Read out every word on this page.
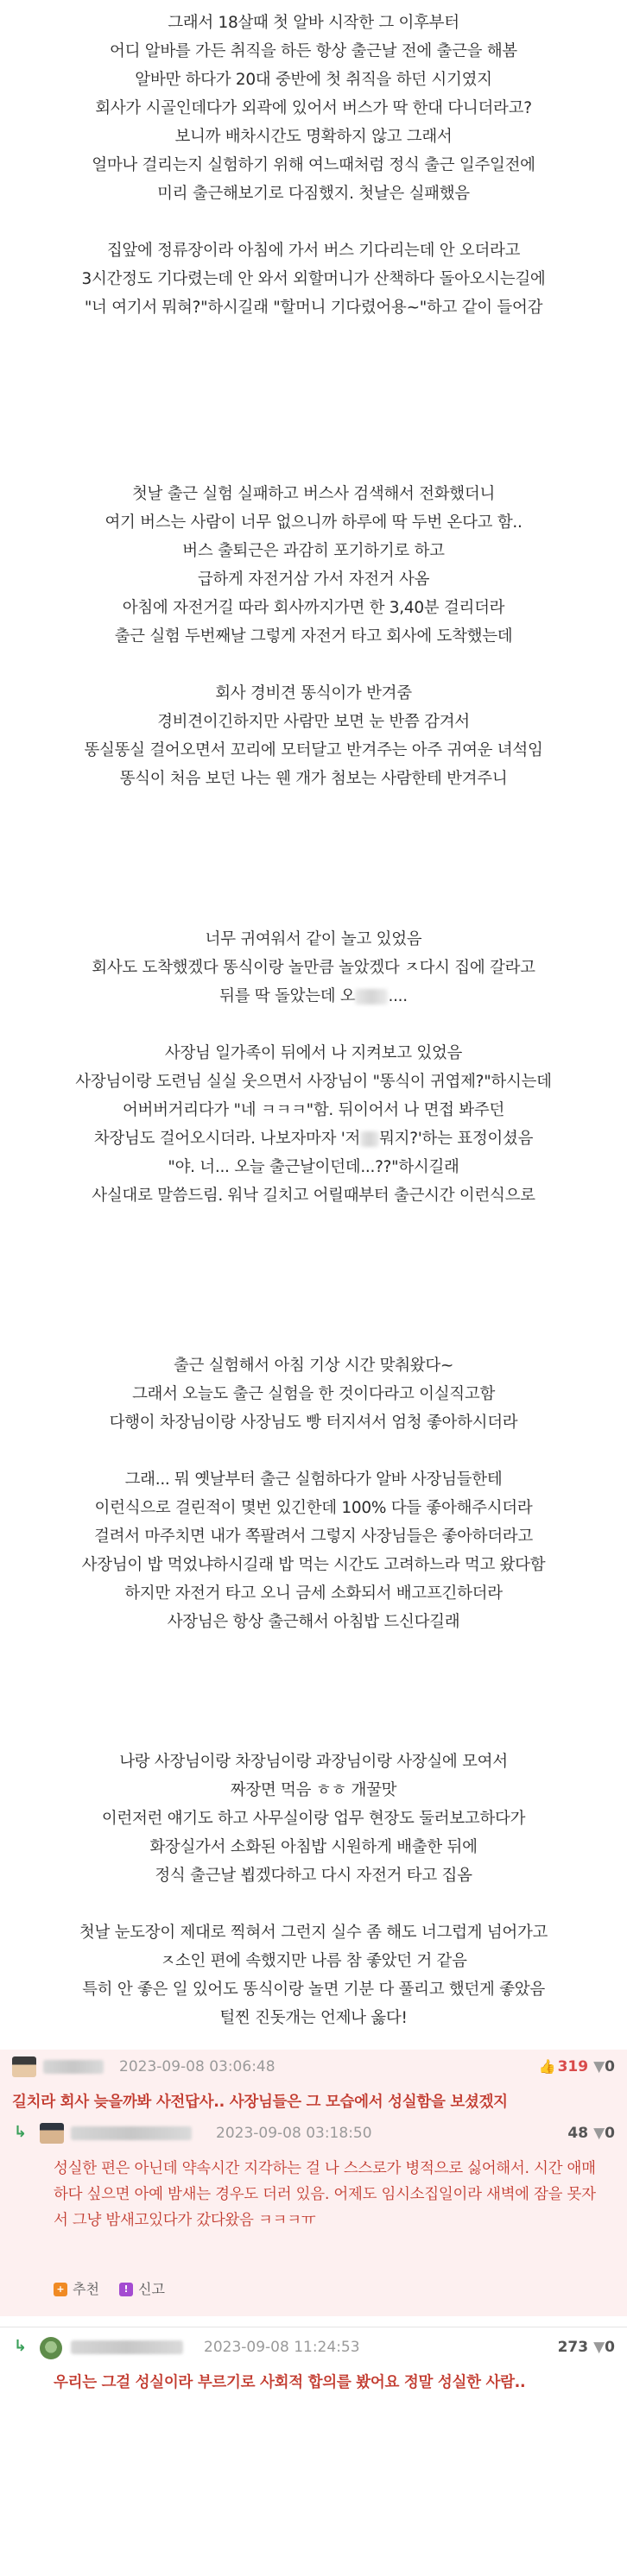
그래서 18살때 첫 알바 시작한 그 이후부터
어디 알바를 가든 취직을 하든 항상 출근날 전에 출근을 해봄
알바만 하다가 20대 중반에 첫 취직을 하던 시기였지
회사가 시골인데다가 외곽에 있어서 버스가 딱 한대 다니더라고?
보니까 배차시간도 명확하지 않고 그래서
얼마나 걸리는지 실험하기 위해 여느때처럼 정식 출근 일주일전에
미리 출근해보기로 다짐했지. 첫날은 실패했음
집앞에 정류장이라 아침에 가서 버스 기다리는데 안 오더라고
3시간정도 기다렸는데 안 와서 외할머니가 산책하다 돌아오시는길에
"너 여기서 뭐혀?"하시길래 "할머니 기다렸어용~"하고 같이 들어감
첫날 출근 실험 실패하고 버스사 검색해서 전화했더니
여기 버스는 사람이 너무 없으니까 하루에 딱 두번 온다고 함..
버스 출퇴근은 과감히 포기하기로 하고
급하게 자전거삼 가서 자전거 사옴
아침에 자전거길 따라 회사까지가면 한 3,40분 걸리더라
출근 실험 두번째날 그렇게 자전거 타고 회사에 도착했는데
회사 경비견 똥식이가 반겨줌
경비견이긴하지만 사람만 보면 눈 반쯤 감겨서
똥실똥실 걸어오면서 꼬리에 모터달고 반겨주는 아주 귀여운 녀석임
똥식이 처음 보던 나는 웬 개가 첨보는 사람한테 반겨주니
너무 귀여워서 같이 놀고 있었음
회사도 도착했겠다 똥식이랑 놀만큼 놀았겠다 ㅈ다시 집에 갈라고
뒤를 딱 돌았는데 오 ....
사장님 일가족이 뒤에서 나 지켜보고 있었음
사장님이랑 도련님 실실 웃으면서 사장님이 "똥식이 귀엽제?"하시는데
어버버거리다가 "네 ㅋㅋㅋ"함. 뒤이어서 나 면접 봐주던
차장님도 걸어오시더라. 나보자마자 '저 뭐지?'하는 표정이셨음
"야. 너... 오늘 출근날이던데...??"하시길래
사실대로 말씀드림. 워낙 길치고 어릴때부터 출근시간 이런식으로
출근 실험해서 아침 기상 시간 맞춰왔다~
그래서 오늘도 출근 실험을 한 것이다라고 이실직고함
다행이 차장님이랑 사장님도 빵 터지셔서 엄청 좋아하시더라
그래... 뭐 옛날부터 출근 실험하다가 알바 사장님들한테
이런식으로 걸린적이 몇번 있긴한데 100% 다들 좋아해주시더라
걸려서 마주치면 내가 쪽팔려서 그렇지 사장님들은 좋아하더라고
사장님이 밥 먹었냐하시길래 밥 먹는 시간도 고려하느라 먹고 왔다함
하지만 자전거 타고 오니 금세 소화되서 배고프긴하더라
사장님은 항상 출근해서 아침밥 드신다길래
나랑 사장님이랑 차장님이랑 과장님이랑 사장실에 모여서
짜장면 먹음 ㅎㅎ 개꿀맛
이런저런 얘기도 하고 사무실이랑 업무 현장도 둘러보고하다가
화장실가서 소화된 아침밥 시원하게 배출한 뒤에
정식 출근날 뵙겠다하고 다시 자전거 타고 집옴
첫날 눈도장이 제대로 찍혀서 그런지 실수 좀 해도 너그럽게 넘어가고
ㅈ소인 편에 속했지만 나름 참 좋았던 거 같음
특히 안 좋은 일 있어도 똥식이랑 놀면 기분 다 풀리고 했던게 좋았음
털찐 진돗개는 언제나 옳다!
2023-09-08 03:06:48	👍 319 ▼0
길치라 회사 늦을까봐 사전답사.. 사장님들은 그 모습에서 성실함을 보셨겠지

↳	2023-09-08 03:18:50	48 ▼0
성실한 편은 아닌데 약속시간 지각하는 걸 나 스스로가 병적으로 싫어해서. 시간 애매하다 싶으면 아예 밤새는 경우도 더러 있음. 어제도 임시소집일이라 새벽에 잠을 못자서 그냥 밤새고있다가 갔다왔음 ㅋㅋㅋㅠ
+ 추천
	! 신고
↳	2023-09-08 11:24:53	273 ▼0
우리는 그걸 성실이라 부르기로 사회적 합의를 봤어요 정말 성실한 사람..
